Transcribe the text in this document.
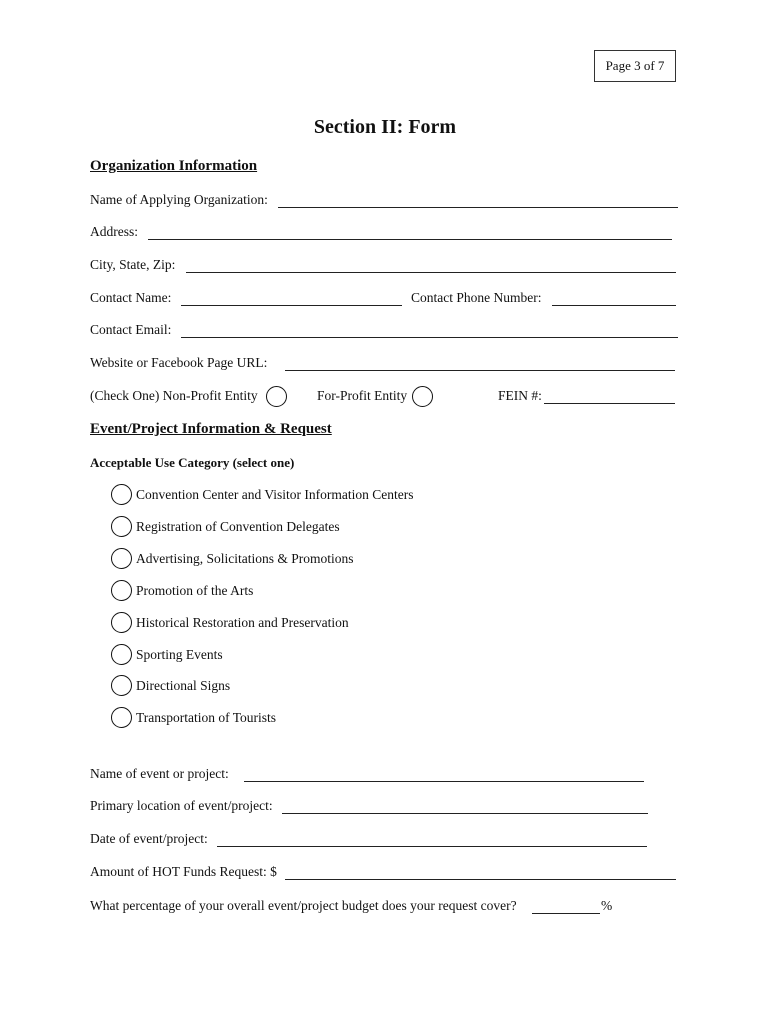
Page 3 of 7
Section II: Form
Organization Information
Name of Applying Organization:
Address:
City, State, Zip:
Contact Name:	Contact Phone Number:
Contact Email:
Website or Facebook Page URL:
(Check One) Non-Profit Entity	For-Profit Entity	FEIN #:
Event/Project Information & Request
Acceptable Use Category (select one)
Convention Center and Visitor Information Centers
Registration of Convention Delegates
Advertising, Solicitations & Promotions
Promotion of the Arts
Historical Restoration and Preservation
Sporting Events
Directional Signs
Transportation of Tourists
Name of event or project:
Primary location of event/project:
Date of event/project:
Amount of HOT Funds Request: $
What percentage of your overall event/project budget does your request cover?	%
